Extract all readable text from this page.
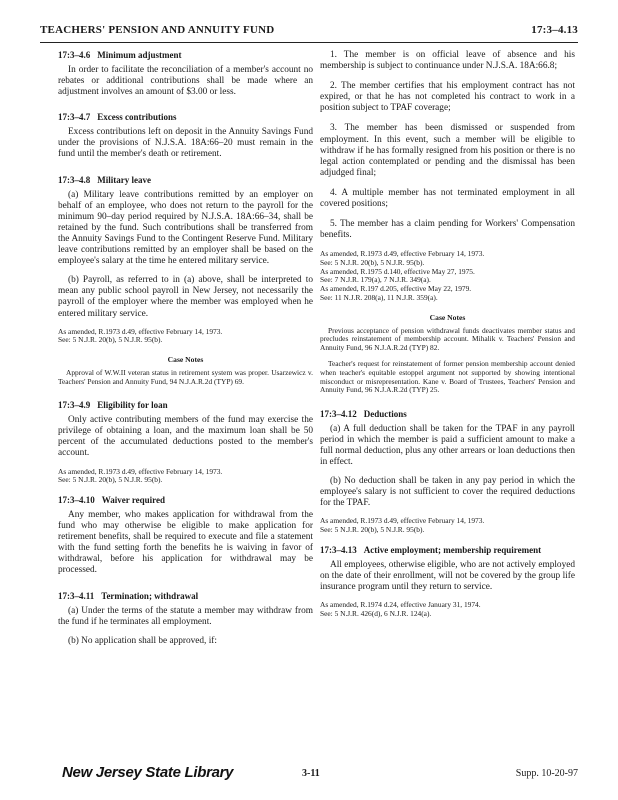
TEACHERS' PENSION AND ANNUITY FUND	17:3–4.13
17:3–4.6 Minimum adjustment

In order to facilitate the reconciliation of a member's account no rebates or additional contributions shall be made where an adjustment involves an amount of $3.00 or less.

17:3–4.7 Excess contributions

Excess contributions left on deposit in the Annuity Savings Fund under the provisions of N.J.S.A. 18A:66–20 must remain in the fund until the member's death or retirement.

17:3–4.8 Military leave

(a) Military leave contributions remitted by an employer on behalf of an employee, who does not return to the payroll for the minimum 90–day period required by N.J.S.A. 18A:66–34, shall be retained by the fund. Such contributions shall be transferred from the Annuity Savings Fund to the Contingent Reserve Fund. Military leave contributions remitted by an employer shall be based on the employee's salary at the time he entered military service.

(b) Payroll, as referred to in (a) above, shall be interpreted to mean any public school payroll in New Jersey, not necessarily the payroll of the employer where the member was employed when he entered military service.

As amended, R.1973 d.49, effective February 14, 1973.
See: 5 N.J.R. 20(b), 5 N.J.R. 95(b).
Case Notes

Approval of W.W.II veteran status in retirement system was proper. Usarzewicz v. Teachers' Pension and Annuity Fund, 94 N.J.A.R.2d (TYP) 69.

17:3–4.9 Eligibility for loan

Only active contributing members of the fund may exercise the privilege of obtaining a loan, and the maximum loan shall be 50 percent of the accumulated deductions posted to the member's account.

As amended, R.1973 d.49, effective February 14, 1973.
See: 5 N.J.R. 20(b), 5 N.J.R. 95(b).
17:3–4.10 Waiver required

Any member, who makes application for withdrawal from the fund who may otherwise be eligible to make application for retirement benefits, shall be required to execute and file a statement with the fund setting forth the benefits he is waiving in favor of withdrawal, before his application for withdrawal may be processed.

17:3–4.11 Termination; withdrawal

(a) Under the terms of the statute a member may withdraw from the fund if he terminates all employment.

(b) No application shall be approved, if:

1. The member is on official leave of absence and his membership is subject to continuance under N.J.S.A. 18A:66.8;

2. The member certifies that his employment contract has not expired, or that he has not completed his contract to work in a position subject to TPAF coverage;

3. The member has been dismissed or suspended from employment. In this event, such a member will be eligible to withdraw if he has formally resigned from his position or there is no legal action contemplated or pending and the dismissal has been adjudged final;

4. A multiple member has not terminated employment in all covered positions;

5. The member has a claim pending for Workers' Compensation benefits.

As amended, R.1973 d.49, effective February 14, 1973.
See: 5 N.J.R. 20(b), 5 N.J.R. 95(b).
As amended, R.1975 d.140, effective May 27, 1975.
See: 7 N.J.R. 179(a), 7 N.J.R. 349(a).
As amended, R.197 d.205, effective May 22, 1979.
See: 11 N.J.R. 208(a), 11 N.J.R. 359(a).
Case Notes

Previous acceptance of pension withdrawal funds deactivates member status and precludes reinstatement of membership account. Mihalik v. Teachers' Pension and Annuity Fund, 96 N.J.A.R.2d (TYP) 82.

Teacher's request for reinstatement of former pension membership account denied when teacher's equitable estoppel argument not supported by showing intentional misconduct or misrepresentation. Kane v. Board of Trustees, Teachers' Pension and Annuity Fund, 96 N.J.A.R.2d (TYP) 25.

17:3–4.12 Deductions

(a) A full deduction shall be taken for the TPAF in any payroll period in which the member is paid a sufficient amount to make a full normal deduction, plus any other arrears or loan deductions then in effect.

(b) No deduction shall be taken in any pay period in which the employee's salary is not sufficient to cover the required deductions for the TPAF.

As amended, R.1973 d.49, effective February 14, 1973.
See: 5 N.J.R. 20(b), 5 N.J.R. 95(b).
17:3–4.13 Active employment; membership requirement

All employees, otherwise eligible, who are not actively employed on the date of their enrollment, will not be covered by the group life insurance program until they return to service.

As amended, R.1974 d.24, effective January 31, 1974.
See: 5 N.J.R. 426(d), 6 N.J.R. 124(a).
New Jersey State Library	3-11	Supp. 10-20-97
